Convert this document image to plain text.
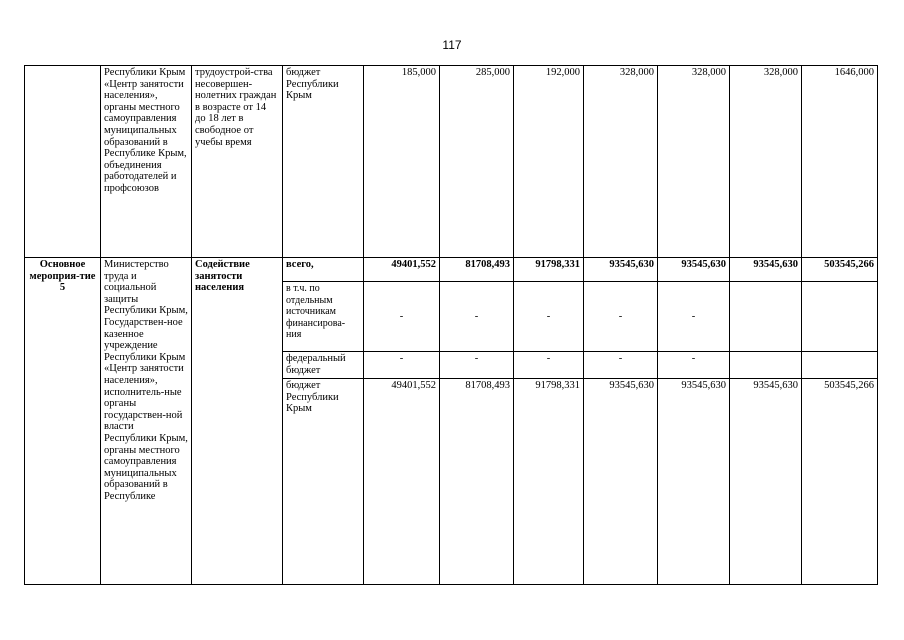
117
	Республики Крым «Центр занятости населения», органы местного самоуправления муниципальных образований в Республике Крым, объединения работодателей и профсоюзов	трудоустрой-ства несовершен-нолетних граждан в возрасте от 14 до 18 лет в свободное от учебы время	бюджет Республики Крым	185,000	285,000	192,000	328,000	328,000	328,000	1646,000
Основное мероприя-тие 5	Министерство труда и социальной защиты Республики Крым, Государствен-ное казенное учреждение Республики Крым «Центр занятости населения», исполнитель-ные органы государствен-ной власти Республики Крым, органы местного самоуправления муниципальных образований в Республике	Содействие занятости населения	всего,	49401,552	81708,493	91798,331	93545,630	93545,630	93545,630	503545,266
			в т.ч. по отдельным источникам финансирова-ния	-	-	-	-	-		
			федеральный бюджет	-	-	-	-	-		
			бюджет Республики Крым	49401,552	81708,493	91798,331	93545,630	93545,630	93545,630	503545,266
